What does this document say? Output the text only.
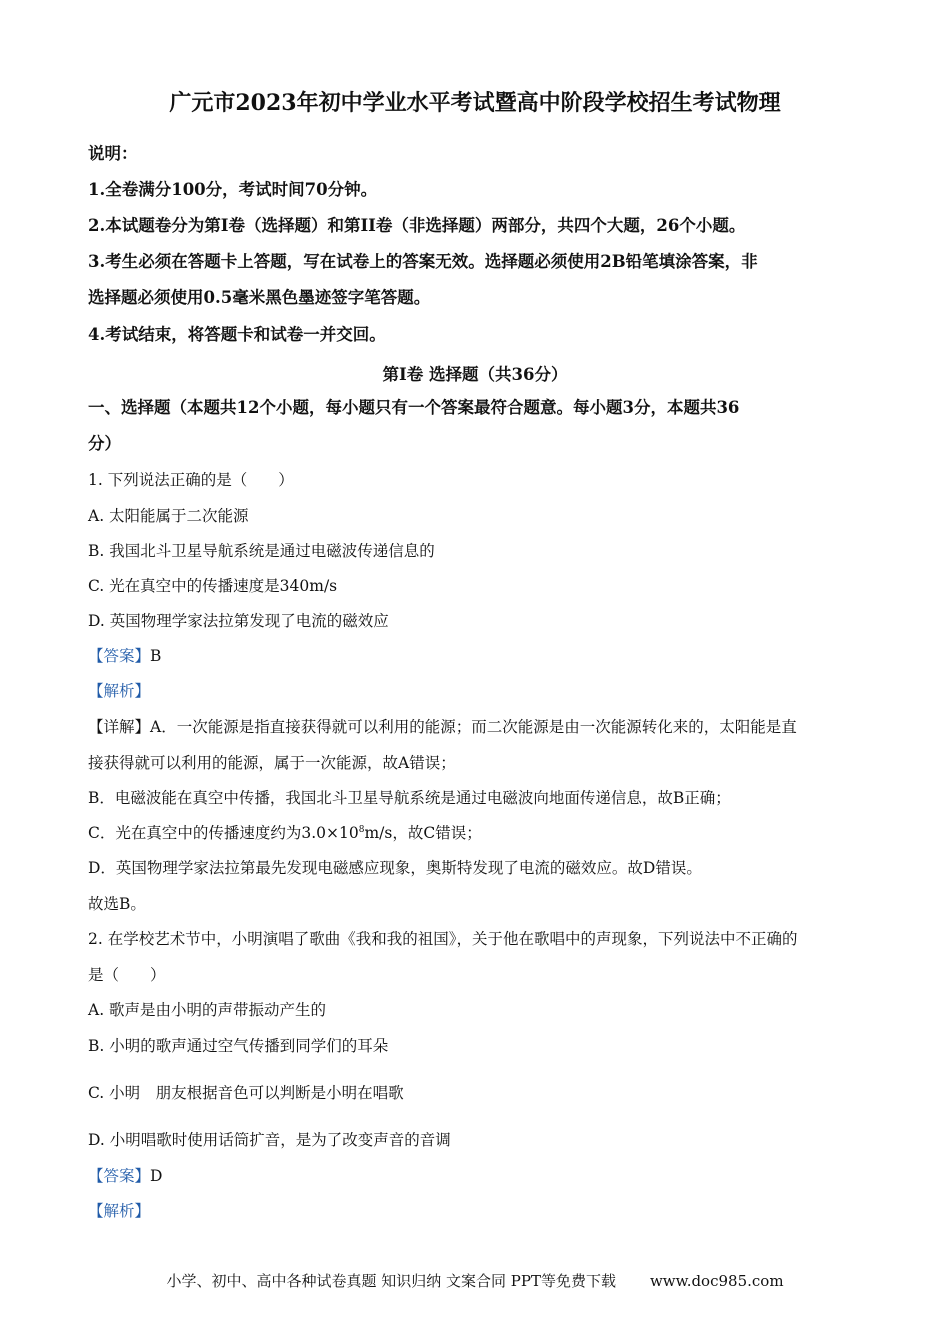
广元市2023年初中学业水平考试暨高中阶段学校招生考试物理
说明：
1.全卷满分100分，考试时间70分钟。
2.本试题卷分为第I卷（选择题）和第II卷（非选择题）两部分，共四个大题，26个小题。
3.考生必须在答题卡上答题，写在试卷上的答案无效。选择题必须使用2B铅笔填涂答案，非
选择题必须使用0.5毫米黑色墨迹签字笔答题。
4.考试结束，将答题卡和试卷一并交回。
第I卷 选择题（共36分）
一、选择题（本题共12个小题，每小题只有一个答案最符合题意。每小题3分，本题共36
分）
1. 下列说法正确的是（　　）
A. 太阳能属于二次能源
B. 我国北斗卫星导航系统是通过电磁波传递信息的
C. 光在真空中的传播速度是340m/s
D. 英国物理学家法拉第发现了电流的磁效应
【答案】B
【解析】
【详解】A．一次能源是指直接获得就可以利用的能源；而二次能源是由一次能源转化来的，太阳能是直
接获得就可以利用的能源，属于一次能源，故A错误；
B．电磁波能在真空中传播，我国北斗卫星导航系统是通过电磁波向地面传递信息，故B正确；
C．光在真空中的传播速度约为$3.0\times 10^8m/s$，故C错误；
D．英国物理学家法拉第最先发现电磁感应现象，奥斯特发现了电流的磁效应。故D错误。
故选B。
2. 在学校艺术节中，小明演唱了歌曲《我和我的祖国》，关于他在歌唱中的声现象，下列说法中不正确的
是（　　）
A. 歌声是由小明的声带振动产生的
B. 小明的歌声通过空气传播到同学们的耳朵
C. 小明　朋友根据音色可以判断是小明在唱歌
D. 小明唱歌时使用话筒扩音，是为了改变声音的音调
【答案】D
【解析】
小学、初中、高中各种试卷真题 知识归纳 文案合同 PPT等免费下载 www.doc985.com
